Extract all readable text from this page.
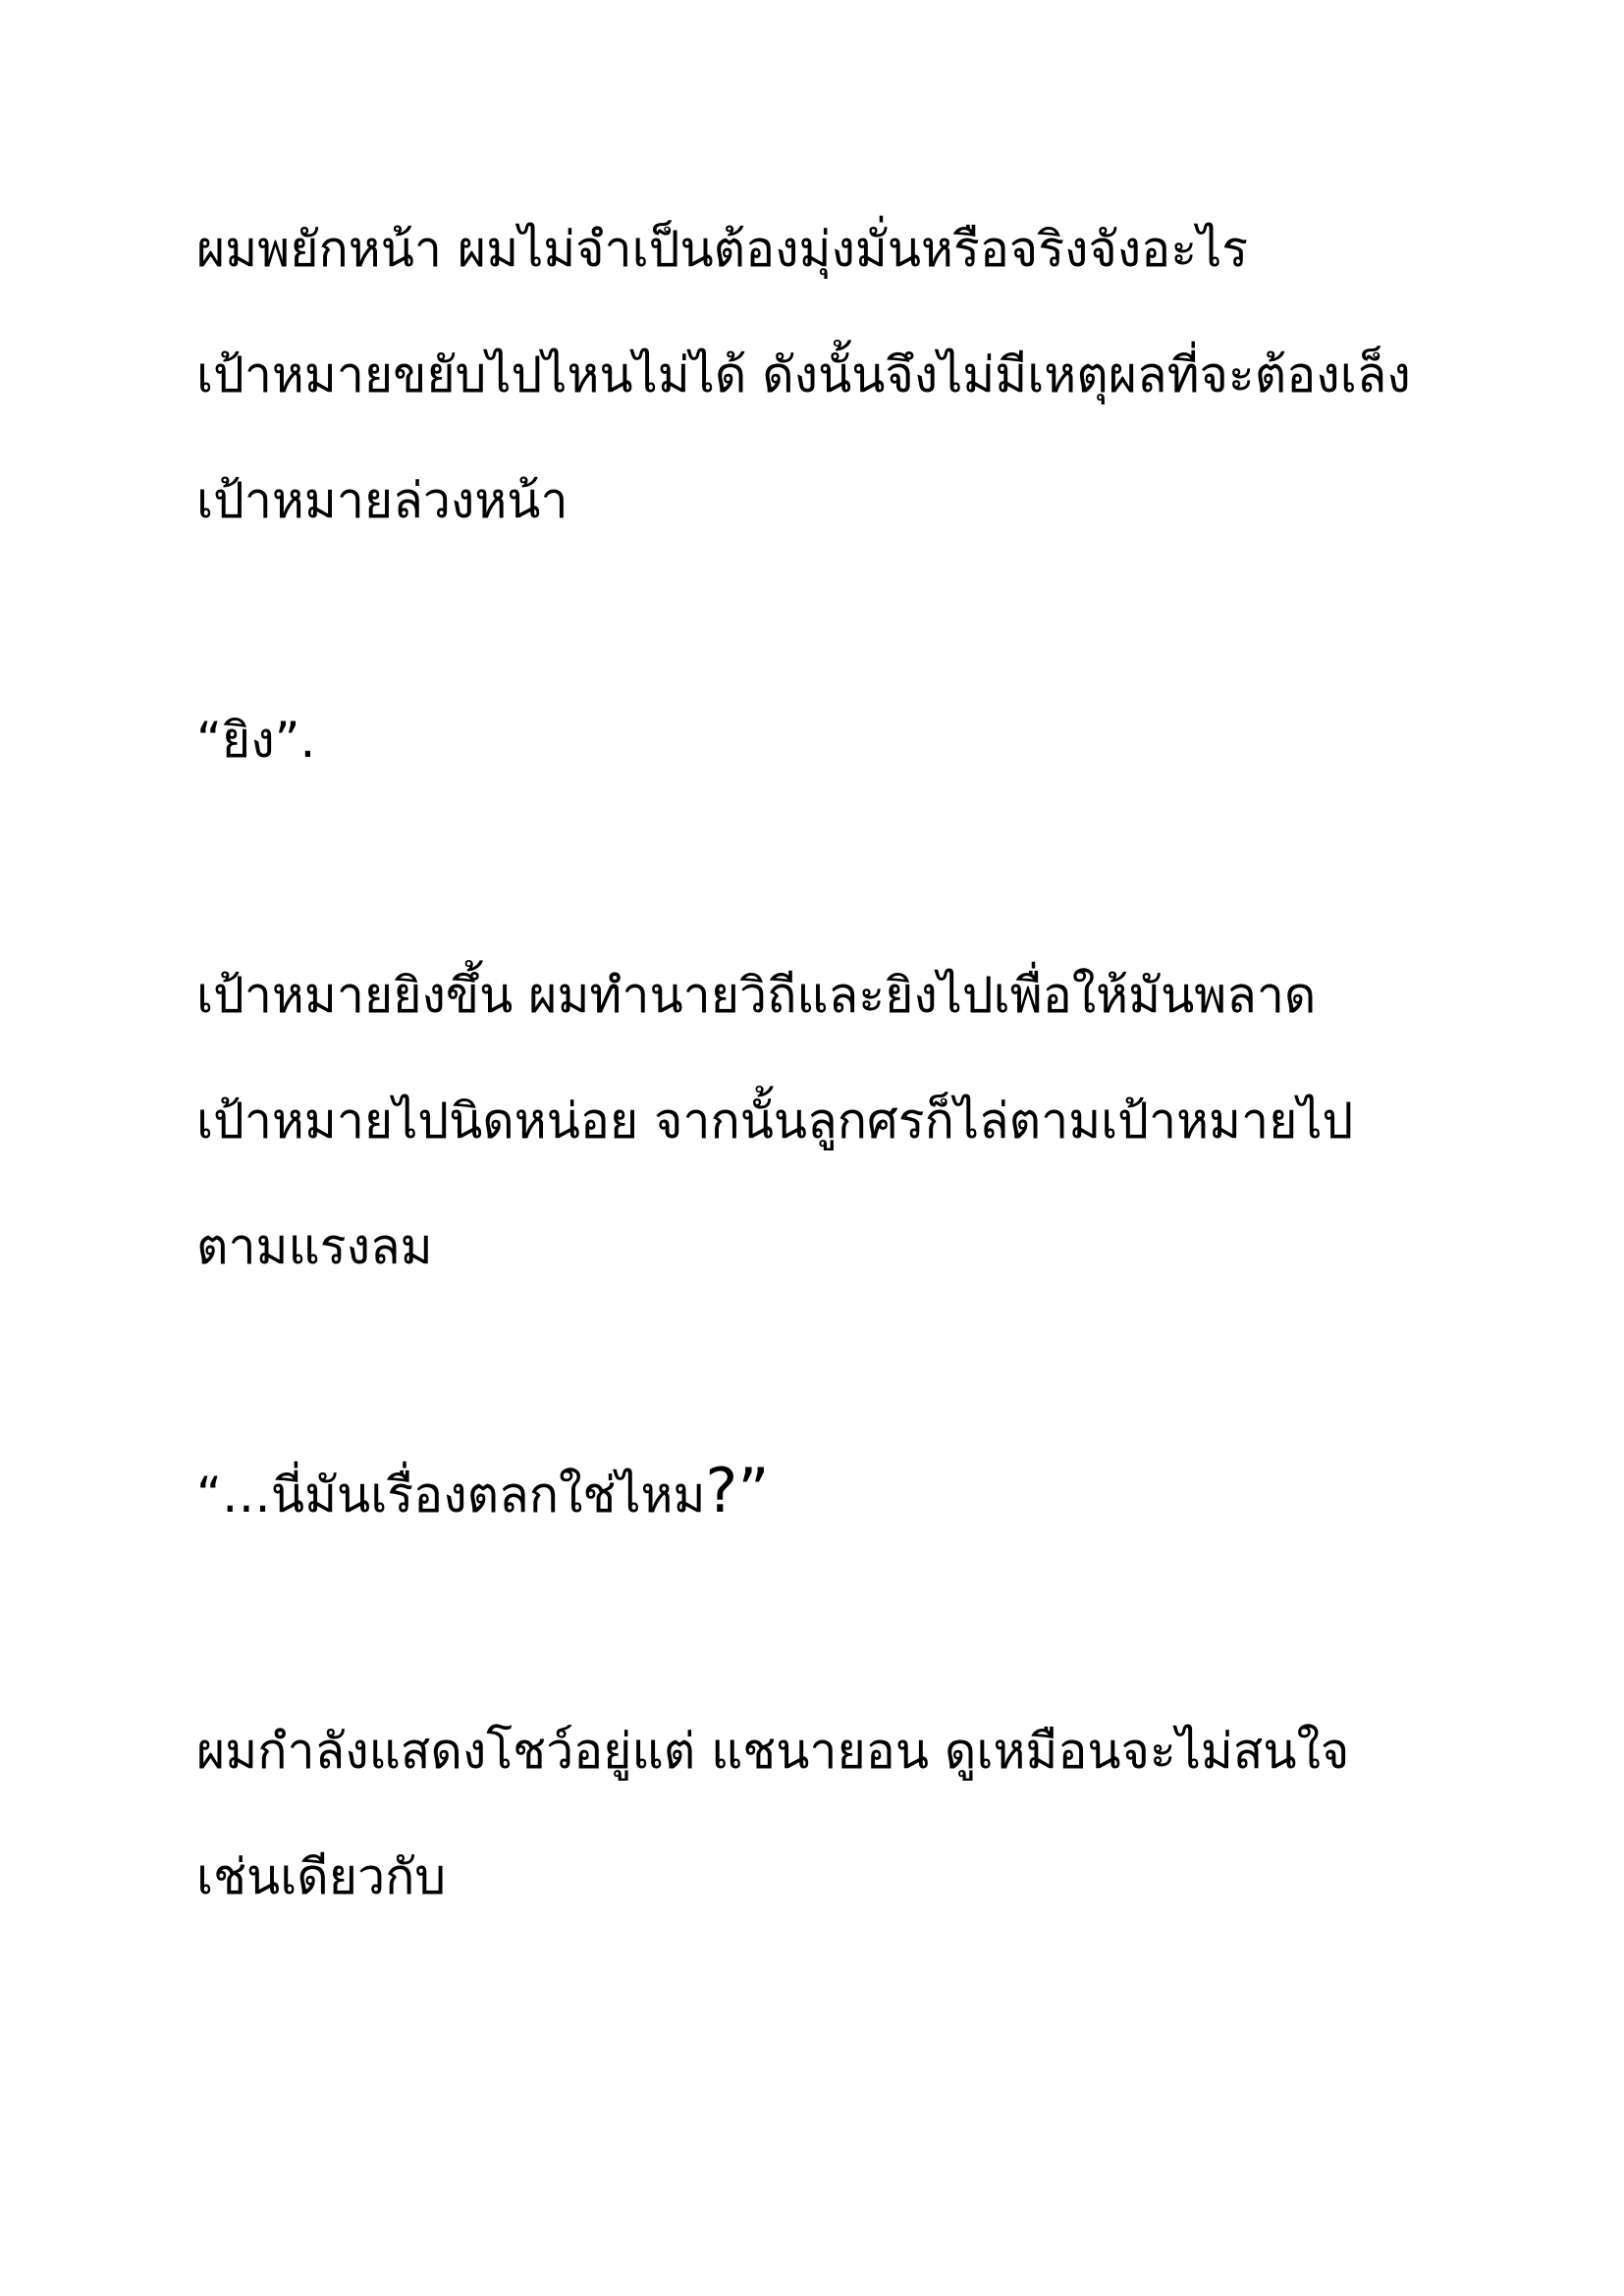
ผมพยักหน้า ผมไม่จำเป็นต้องมุ่งมั่นหรือจริงจังอะไร
เป้าหมายขยับไปไหนไม่ได้ ดังนั้นจึงไม่มีเหตุผลที่จะต้องเล็ง
เป้าหมายล่วงหน้า

“ยิง”.

เป้าหมายยิงขึ้น ผมทำนายวิถีและยิงไปเพื่อให้มันพลาด
เป้าหมายไปนิดหน่อย จากนั้นลูกศรก็ไล่ตามเป้าหมายไป
ตามแรงลม

“…นี่มันเรื่องตลกใช่ไหม?”

ผมกำลังแสดงโชว์อยู่แต่ แชนายอน ดูเหมือนจะไม่สนใจ
เช่นเดียวกับ
